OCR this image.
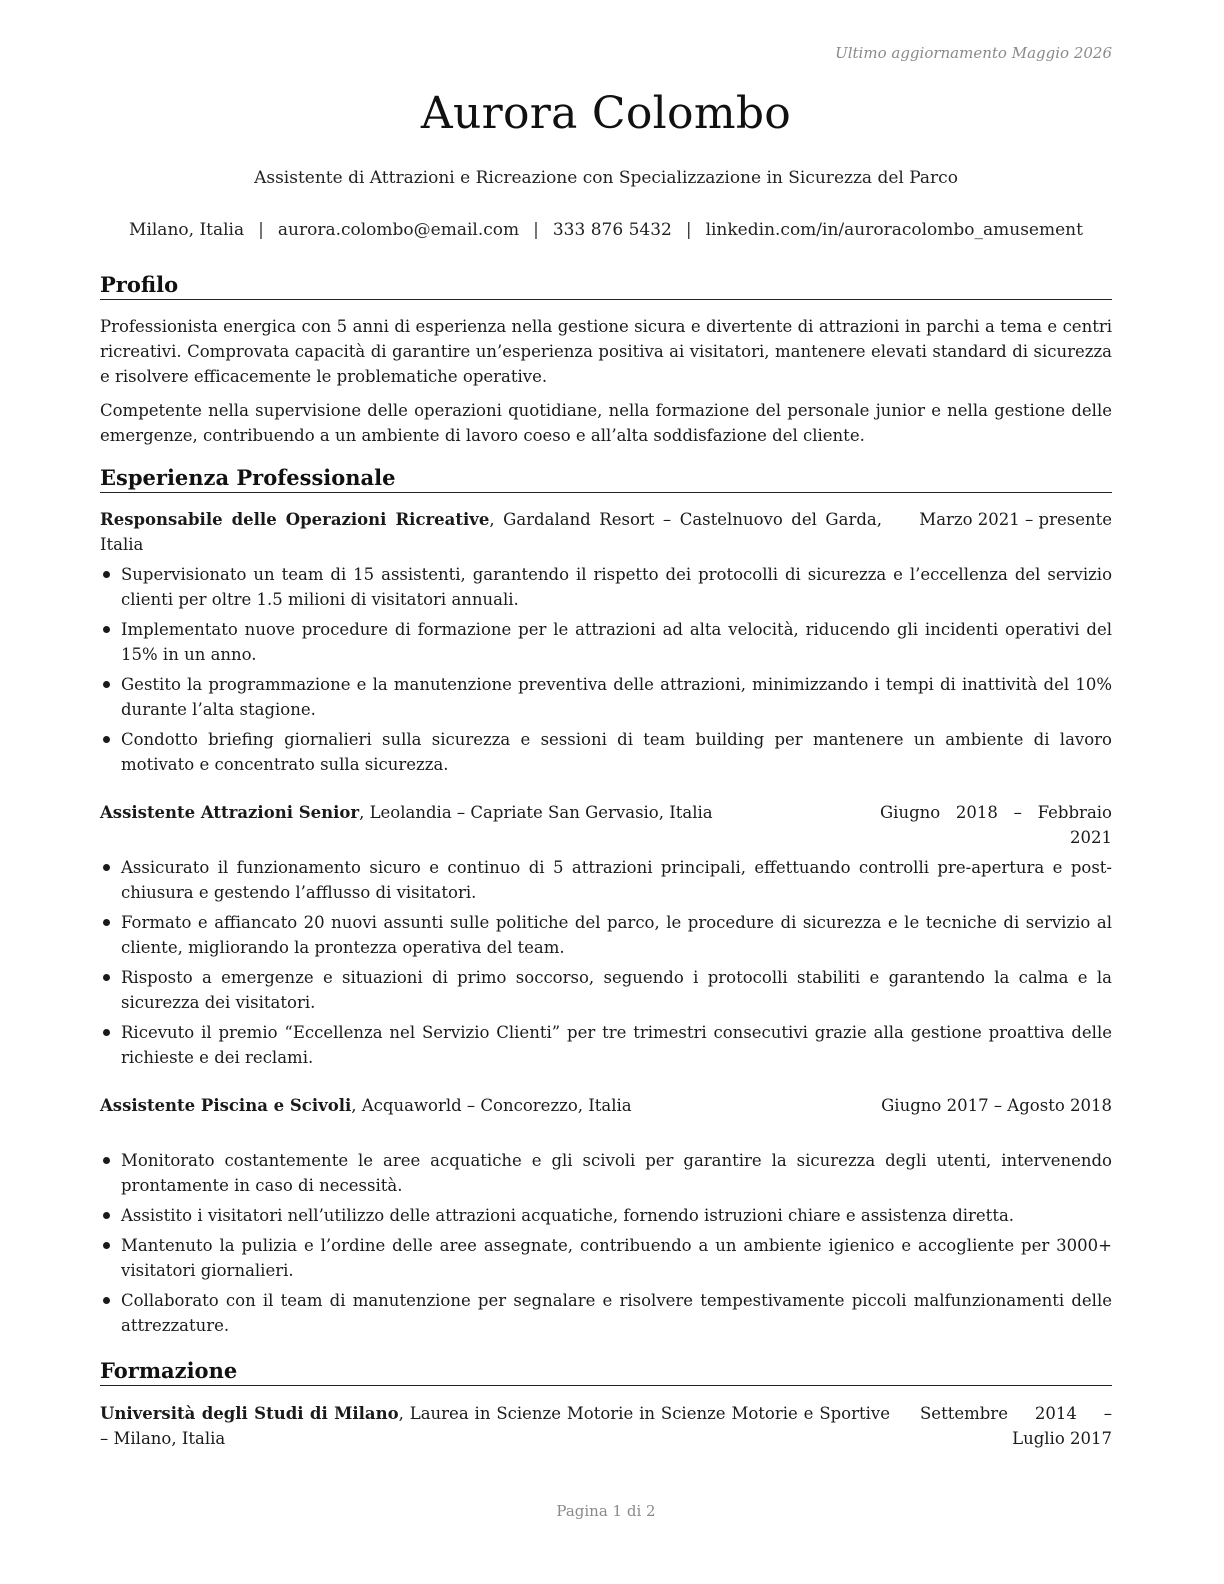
Ultimo aggiornamento Maggio 2026
Aurora Colombo
Assistente di Attrazioni e Ricreazione con Specializzazione in Sicurezza del Parco
Milano, Italia | aurora.colombo@email.com | 333 876 5432 | linkedin.com/in/auroracolombo_amusement
Profilo
Professionista energica con 5 anni di esperienza nella gestione sicura e divertente di attrazioni in parchi a tema e centri ricreativi. Comprovata capacità di garantire un’esperienza positiva ai visitatori, mantenere elevati standard di sicurezza e risolvere efficacemente le problematiche operative.
Competente nella supervisione delle operazioni quotidiane, nella formazione del personale junior e nella gestione delle emergenze, contribuendo a un ambiente di lavoro coeso e all’alta soddisfazione del cliente.
Esperienza Professionale
Responsabile delle Operazioni Ricreative, Gardaland Resort – Castelnuovo del Garda, Italia
Marzo 2021 – presente
Supervisionato un team di 15 assistenti, garantendo il rispetto dei protocolli di sicurezza e l’eccellenza del servizio clienti per oltre 1.5 milioni di visitatori annuali.
Implementato nuove procedure di formazione per le attrazioni ad alta velocità, riducendo gli incidenti operativi del 15% in un anno.
Gestito la programmazione e la manutenzione preventiva delle attrazioni, minimizzando i tempi di inattività del 10% durante l’alta stagione.
Condotto briefing giornalieri sulla sicurezza e sessioni di team building per mantenere un ambiente di lavoro motivato e concentrato sulla sicurezza.
Assistente Attrazioni Senior, Leolandia – Capriate San Gervasio, Italia	Giugno 2018 – Febbraio 2021
Assicurato il funzionamento sicuro e continuo di 5 attrazioni principali, effettuando controlli pre-apertura e post-chiusura e gestendo l’afflusso di visitatori.
Formato e affiancato 20 nuovi assunti sulle politiche del parco, le procedure di sicurezza e le tecniche di servizio al cliente, migliorando la prontezza operativa del team.
Risposto a emergenze e situazioni di primo soccorso, seguendo i protocolli stabiliti e garantendo la calma e la sicurezza dei visitatori.
Ricevuto il premio “Eccellenza nel Servizio Clienti” per tre trimestri consecutivi grazie alla gestione proattiva delle richieste e dei reclami.
Assistente Piscina e Scivoli, Acquaworld – Concorezzo, Italia	Giugno 2017 – Agosto 2018
Monitorato costantemente le aree acquatiche e gli scivoli per garantire la sicurezza degli utenti, intervenendo prontamente in caso di necessità.
Assistito i visitatori nell’utilizzo delle attrazioni acquatiche, fornendo istruzioni chiare e assistenza diretta.
Mantenuto la pulizia e l’ordine delle aree assegnate, contribuendo a un ambiente igienico e accogliente per 3000+ visitatori giornalieri.
Collaborato con il team di manutenzione per segnalare e risolvere tempestivamente piccoli malfunzionamenti delle attrezzature.
Formazione
Università degli Studi di Milano, Laurea in Scienze Motorie in Scienze Motorie e Sportive – Milano, Italia
Settembre 2014 – Luglio 2017
Pagina 1 di 2
